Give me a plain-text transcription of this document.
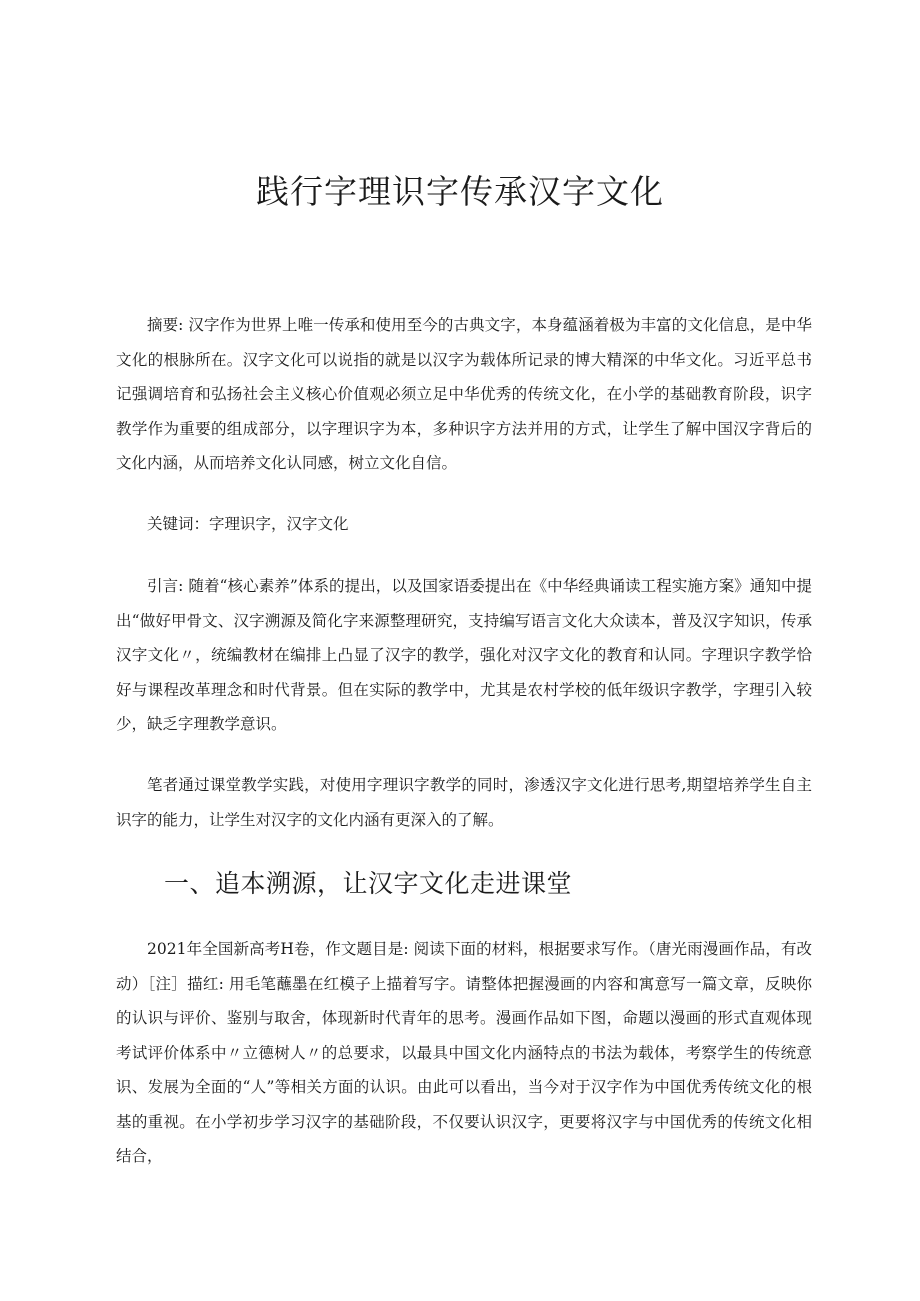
践行字理识字传承汉字文化

摘要: 汉字作为世界上唯一传承和使用至今的古典文字，本身蕴涵着极为丰富的文化信息，是中华文化的根脉所在。汉字文化可以说指的就是以汉字为载体所记录的博大精深的中华文化。习近平总书记强调培育和弘扬社会主义核心价值观必须立足中华优秀的传统文化，在小学的基础教育阶段，识字教学作为重要的组成部分，以字理识字为本，多种识字方法并用的方式，让学生了解中国汉字背后的文化内涵，从而培养文化认同感，树立文化自信。

关键词：字理识字，汉字文化

引言: 随着“核心素养”体系的提出，以及国家语委提出在《中华经典诵读工程实施方案》通知中提出“做好甲骨文、汉字溯源及简化字来源整理研究，支持编写语言文化大众读本，普及汉字知识，传承汉字文化〃，统编教材在编排上凸显了汉字的教学，强化对汉字文化的教育和认同。字理识字教学恰好与课程改革理念和时代背景。但在实际的教学中，尤其是农村学校的低年级识字教学，字理引入较少，缺乏字理教学意识。

笔者通过课堂教学实践，对使用字理识字教学的同时，渗透汉字文化进行思考,期望培养学生自主识字的能力，让学生对汉字的文化内涵有更深入的了解。

一、追本溯源，让汉字文化走进课堂

2021年全国新高考H卷，作文题目是: 阅读下面的材料，根据要求写作。（唐光雨漫画作品，有改动）［注］描红: 用毛笔蘸墨在红模子上描着写字。请整体把握漫画的内容和寓意写一篇文章，反映你的认识与评价、鉴别与取舍，体现新时代青年的思考。漫画作品如下图，命题以漫画的形式直观体现考试评价体系中〃立德树人〃的总要求，以最具中国文化内涵特点的书法为载体，考察学生的传统意识、发展为全面的“人”等相关方面的认识。由此可以看出，当今对于汉字作为中国优秀传统文化的根基的重视。在小学初步学习汉字的基础阶段，不仅要认识汉字，更要将汉字与中国优秀的传统文化相结合，
